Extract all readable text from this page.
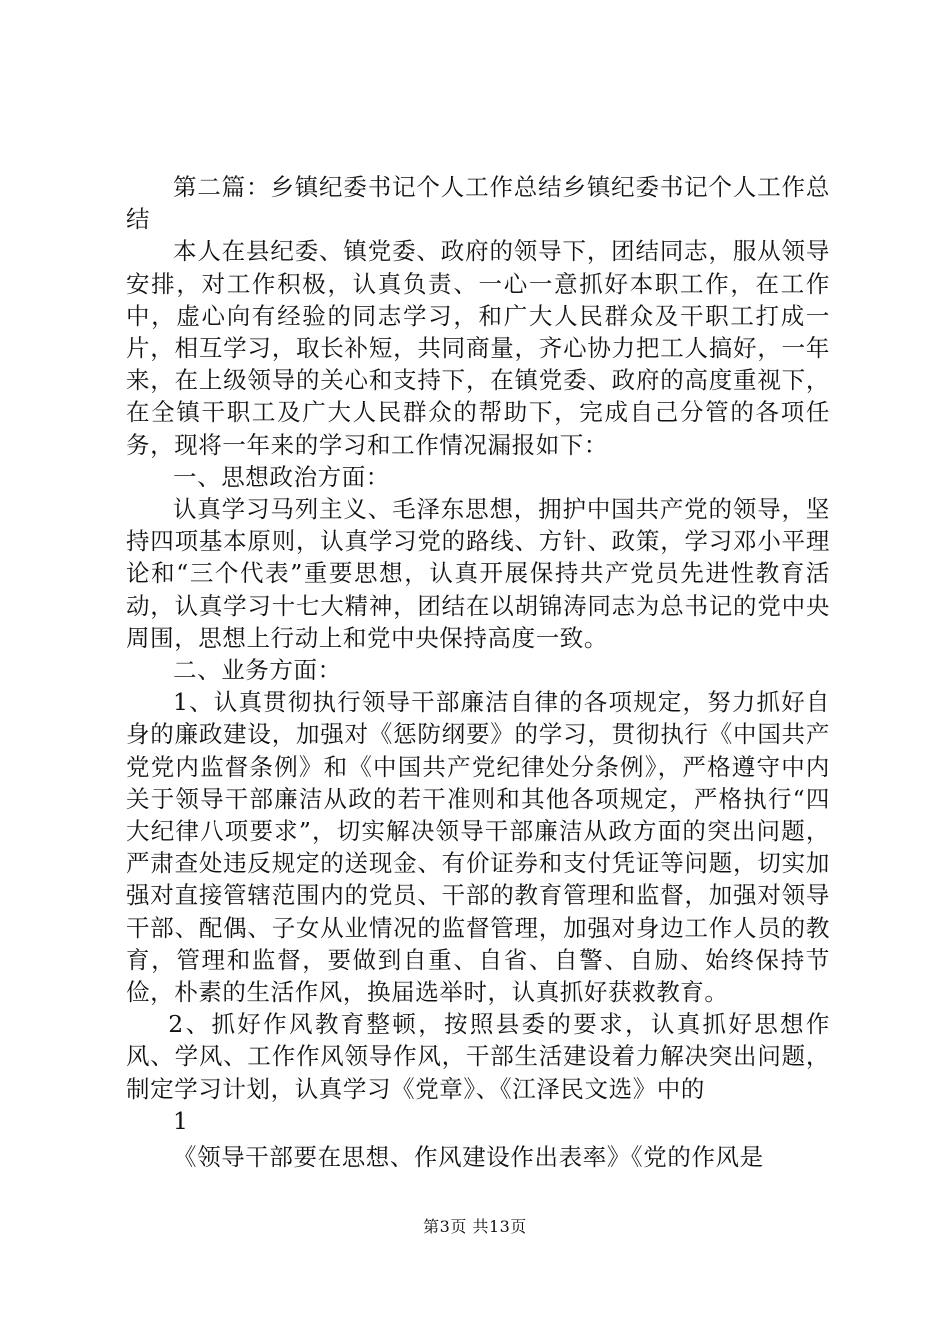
第二篇：乡镇纪委书记个人工作总结乡镇纪委书记个人工作总结

本人在县纪委、镇党委、政府的领导下，团结同志，服从领导安排，对工作积极，认真负责、一心一意抓好本职工作，在工作中，虚心向有经验的同志学习，和广大人民群众及干职工打成一片，相互学习，取长补短，共同商量，齐心协力把工人搞好，一年来，在上级领导的关心和支持下，在镇党委、政府的高度重视下，在全镇干职工及广大人民群众的帮助下，完成自己分管的各项任务，现将一年来的学习和工作情况漏报如下：

一、思想政治方面：

认真学习马列主义、毛泽东思想，拥护中国共产党的领导，坚持四项基本原则，认真学习党的路线、方针、政策，学习邓小平理论和“三个代表”重要思想，认真开展保持共产党员先进性教育活动，认真学习十七大精神，团结在以胡锦涛同志为总书记的党中央周围，思想上行动上和党中央保持高度一致。

二、业务方面：

1、认真贯彻执行领导干部廉洁自律的各项规定，努力抓好自身的廉政建设，加强对《惩防纲要》的学习，贯彻执行《中国共产党党内监督条例》和《中国共产党纪律处分条例》，严格遵守中内关于领导干部廉洁从政的若干准则和其他各项规定，严格执行“四大纪律八项要求”，切实解决领导干部廉洁从政方面的突出问题，严肃查处违反规定的送现金、有价证券和支付凭证等问题，切实加强对直接管辖范围内的党员、干部的教育管理和监督，加强对领导干部、配偶、子女从业情况的监督管理，加强对身边工作人员的教育，管理和监督，要做到自重、自省、自警、自励、始终保持节俭，朴素的生活作风，换届选举时，认真抓好获救教育。

2、抓好作风教育整顿，按照县委的要求，认真抓好思想作风、学风、工作作风领导作风，干部生活建设着力解决突出问题，制定学习计划，认真学习《党章》、《江泽民文选》中的

1

《领导干部要在思想、作风建设作出表率》《党的作风是

第3页 共13页
